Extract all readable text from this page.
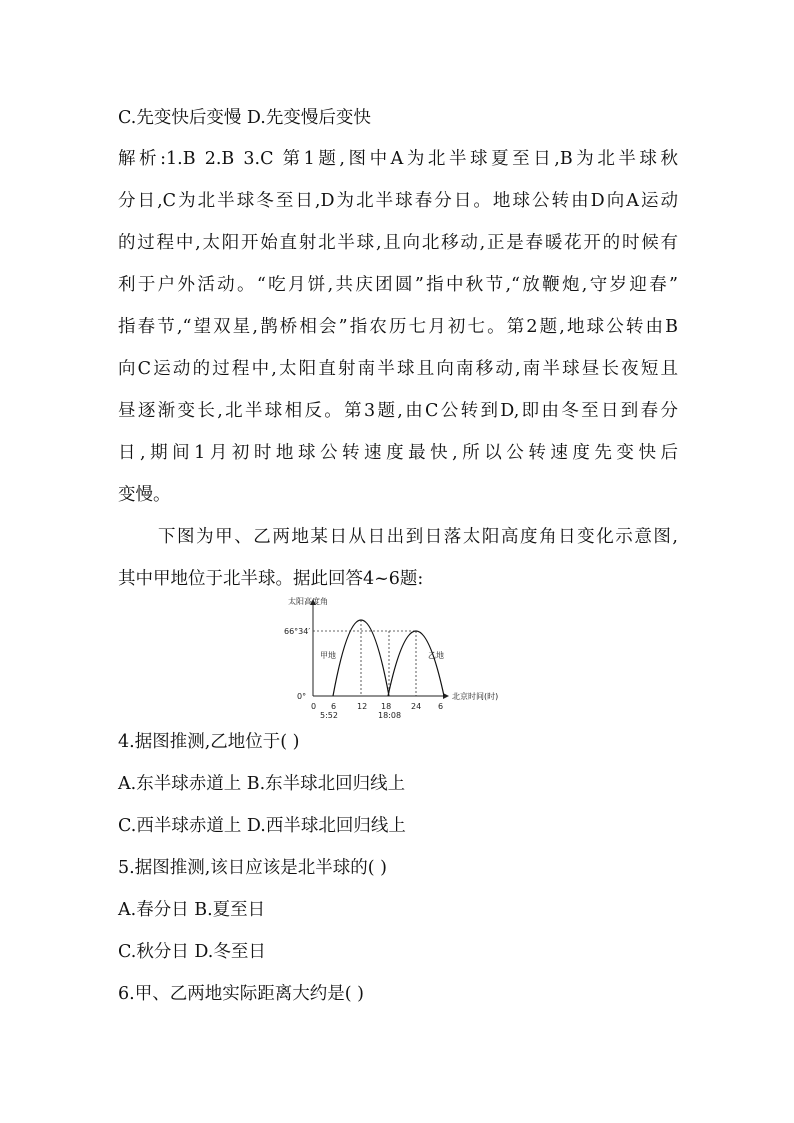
C.先变快后变慢 D.先变慢后变快
解析:1.B 2.B 3.C 第1题,图中A为北半球夏至日,B为北半球秋
分日,C为北半球冬至日,D为北半球春分日。地球公转由D向A运动
的过程中,太阳开始直射北半球,且向北移动,正是春暖花开的时候有
利于户外活动。“吃月饼,共庆团圆”指中秋节,“放鞭炮,守岁迎春”
指春节,“望双星,鹊桥相会”指农历七月初七。第2题,地球公转由B
向C运动的过程中,太阳直射南半球且向南移动,南半球昼长夜短且
昼逐渐变长,北半球相反。第3题,由C公转到D,即由冬至日到春分
日,期间1月初时地球公转速度最快,所以公转速度先变快后
变慢。
下图为甲、乙两地某日从日出到日落太阳高度角日变化示意图,
其中甲地位于北半球。据此回答4~6题:
太阳高度角
北京时间(时)
66°34′
0°
甲地	乙地
0 6	12 18 24 6
5:52	18:08
4.据图推测,乙地位于( )
A.东半球赤道上 B.东半球北回归线上
C.西半球赤道上 D.西半球北回归线上
5.据图推测,该日应该是北半球的( )
A.春分日 B.夏至日
C.秋分日 D.冬至日
6.甲、乙两地实际距离大约是( )
